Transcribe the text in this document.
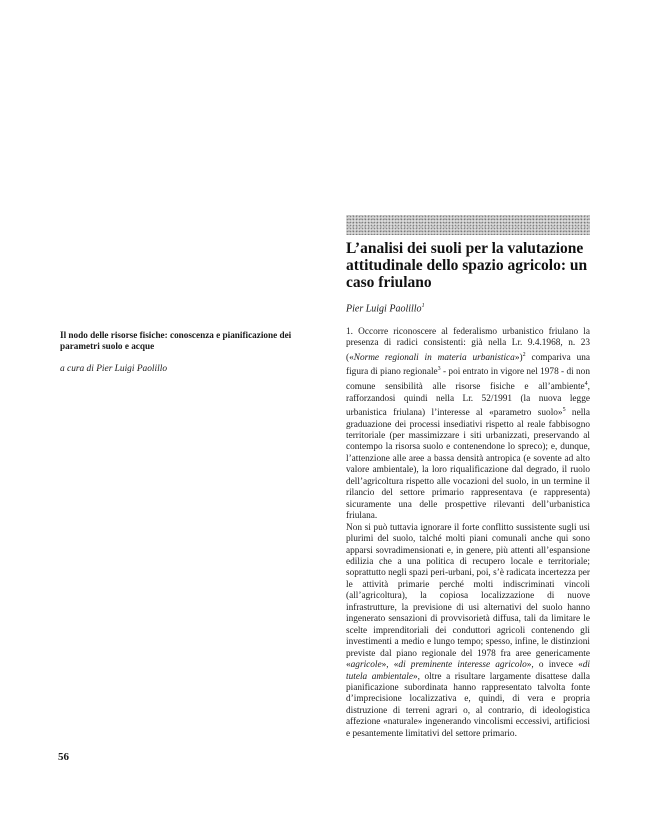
L’analisi dei suoli per la valutazione attitudinale dello spazio agricolo: un caso friulano
Pier Luigi Paolillo$^1$
Il nodo delle risorse fisiche: conoscenza e pianificazione dei parametri suolo e acque
a cura di Pier Luigi Paolillo

1. Occorre riconoscere al federalismo urbanistico friulano la presenza di radici consistenti: già nella Lr. 9.4.1968, n. 23 («Norme regionali in materia urbanistica»)$^2$ compariva una figura di piano regionale$^3$ - poi entrato in vigore nel 1978 - di non comune sensibilità alle risorse fisiche e all’ambiente$^4$, rafforzandosi quindi nella Lr. 52/1991 (la nuova legge urbanistica friulana) l’interesse al «parametro suolo»$^5$ nella graduazione dei processi insediativi rispetto al reale fabbisogno territoriale (per massimizzare i siti urbanizzati, preservando al contempo la risorsa suolo e contenendone lo spreco); e, dunque, l’attenzione alle aree a bassa densità antropica (e sovente ad alto valore ambientale), la loro riqualificazione dal degrado, il ruolo dell’agricoltura rispetto alle vocazioni del suolo, in un termine il rilancio del settore primario rappresentava (e rappresenta) sicuramente una delle prospettive rilevanti dell’urbanistica friulana.

Non si può tuttavia ignorare il forte conflitto sussistente sugli usi plurimi del suolo, talché molti piani comunali anche qui sono apparsi sovradimensionati e, in genere, più attenti all’espansione edilizia che a una politica di recupero locale e territoriale; soprattutto negli spazi peri-urbani, poi, s’è radicata incertezza per le attività primarie perché molti indiscriminati vincoli (all’agricoltura), la copiosa localizzazione di nuove infrastrutture, la previsione di usi alternativi del suolo hanno ingenerato sensazioni di provvisorietà diffusa, tali da limitare le scelte imprenditoriali dei conduttori agricoli contenendo gli investimenti a medio e lungo tempo; spesso, infine, le distinzioni previste dal piano regionale del 1978 fra aree genericamente «agricole», «di preminente interesse agricolo», o invece «di tutela ambientale», oltre a risultare largamente disattese dalla pianificazione subordinata hanno rappresentato talvolta fonte d’imprecisione localizzativa e, quindi, di vera e propria distruzione di terreni agrari o, al contrario, di ideologistica affezione «naturale» ingenerando vincolismi eccessivi, artificiosi e pesantemente limitativi del settore primario.

56
